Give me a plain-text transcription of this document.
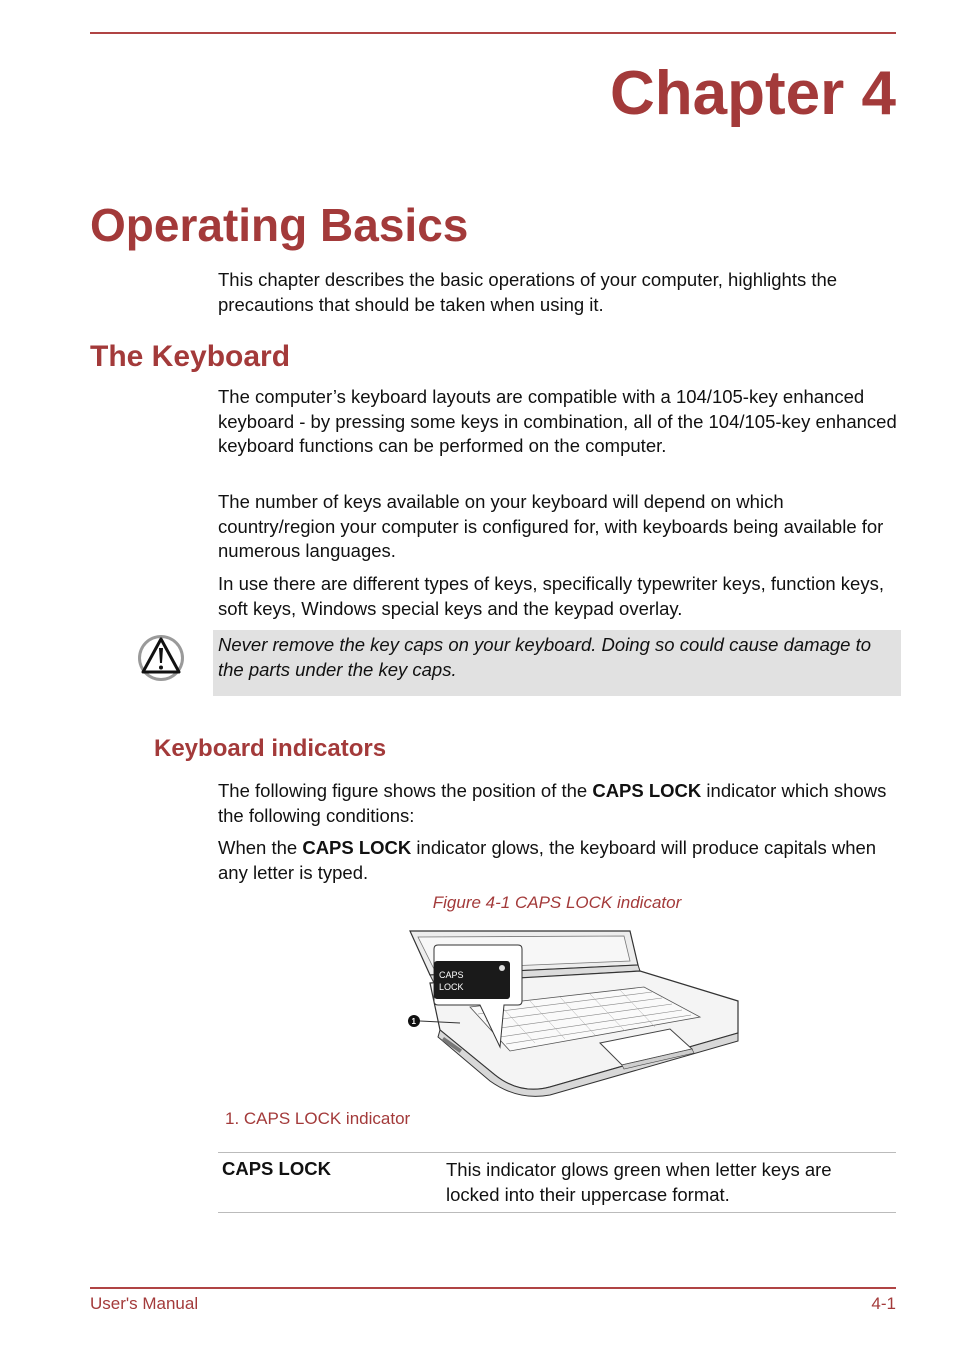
Chapter 4
Operating Basics

This chapter describes the basic operations of your computer, highlights the precautions that should be taken when using it.

The Keyboard

The computer’s keyboard layouts are compatible with a 104/105-key enhanced keyboard - by pressing some keys in combination, all of the 104/105-key enhanced keyboard functions can be performed on the computer.

The number of keys available on your keyboard will depend on which country/region your computer is configured for, with keyboards being available for numerous languages.

In use there are different types of keys, specifically typewriter keys, function keys, soft keys, Windows special keys and the keypad overlay.

Never remove the key caps on your keyboard. Doing so could cause damage to the parts under the key caps.

Keyboard indicators

The following figure shows the position of the CAPS LOCK indicator which shows the following conditions:

When the CAPS LOCK indicator glows, the keyboard will produce capitals when any letter is typed.

Figure 4-1 CAPS LOCK indicator
CAPS
LOCK
1
1. CAPS LOCK indicator
CAPS LOCK	This indicator glows green when letter keys are locked into their uppercase format.
User's Manual	4-1
